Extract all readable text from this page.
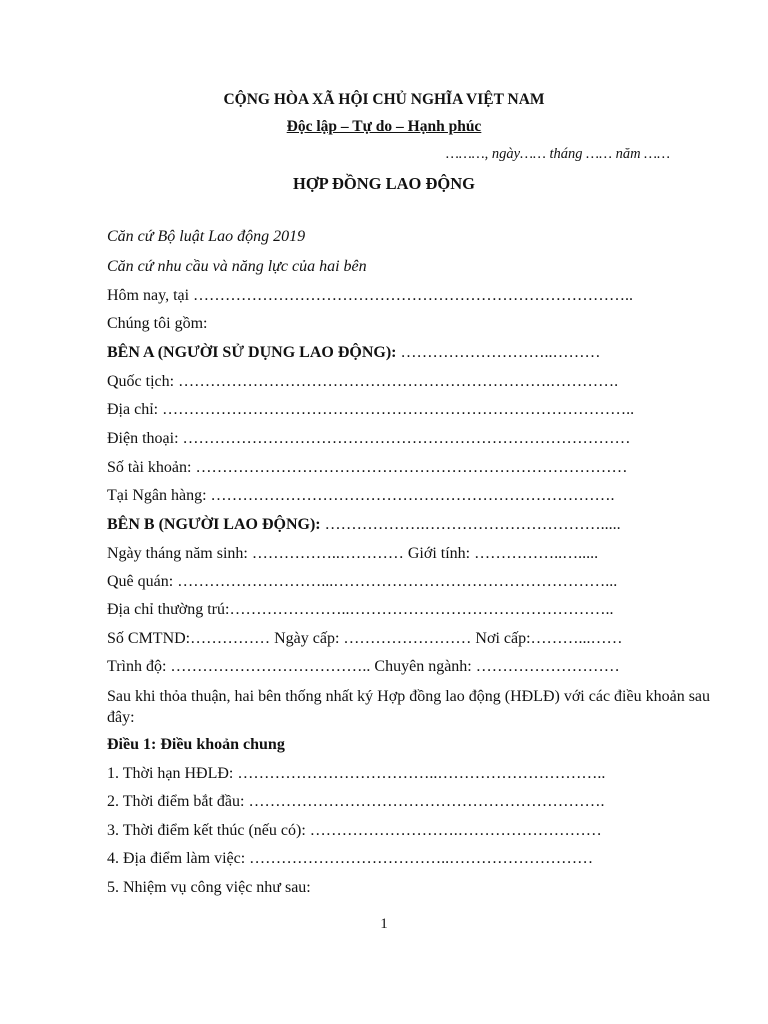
CỘNG HÒA XÃ HỘI CHỦ NGHĨA VIỆT NAM
Độc lập – Tự do – Hạnh phúc
………, ngày…… tháng …… năm ……
HỢP ĐỒNG LAO ĐỘNG
Căn cứ Bộ luật Lao động 2019
Căn cứ nhu cầu và năng lực của hai bên
Hôm nay, tại ………………………………………………………………………..
Chúng tôi gồm:
BÊN A (NGƯỜI SỬ DỤNG LAO ĐỘNG): ………………………..………
Quốc tịch: …………………………………………………………….………….
Địa chỉ: ……………………………………………………………………………..
Điện thoại: …………………………………………………………………………
Số tài khoản: ………………………………………………………………………
Tại Ngân hàng: ………………………………………………………………….
BÊN B (NGƯỜI LAO ĐỘNG): ……………….…………………………….....
Ngày tháng năm sinh: ……………..………… Giới tính: ……………..….....
Quê quán: ………………………...……………………………………………...
Địa chỉ thường trú:…………………..…………………………………………..
Số CMTND:…………… Ngày cấp: …………………… Nơi cấp:………...……
Trình độ: ……………………………….. Chuyên ngành: ………………………
Sau khi thỏa thuận, hai bên thống nhất ký Hợp đồng lao động (HĐLĐ) với các điều khoản sau đây:
Điều 1: Điều khoản chung
1. Thời hạn HĐLĐ: ………………………………..…………………………..
2. Thời điểm bắt đầu: ………………………………………………………….
3. Thời điểm kết thúc (nếu có): ……………………….………………………
4. Địa điểm làm việc: ………………………………..………………………
5. Nhiệm vụ công việc như sau:
1
